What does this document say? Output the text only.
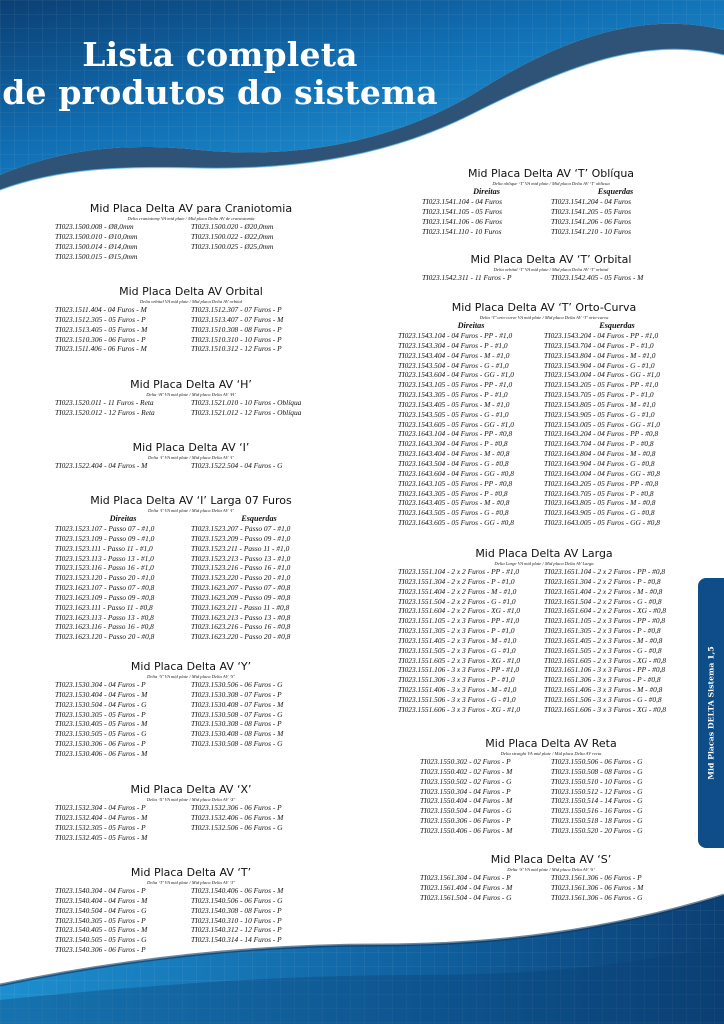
Lista completa
de produtos do sistema
Mid Placas DELTA Sistema 1,5
Mid Placa Delta AV para Craniotomia
Delta craniotomy VA mid plate / Mid placa Delta AV de craneotomía
TI023.1500.008 - Ø8,0mm
TI023.1500.010 - Ø10,0mm
TI023.1500.014 - Ø14,0mm
TI023.1500.015 - Ø15,0mm
TI023.1500.020 - Ø20,0mm
TI023.1500.022 - Ø22,0mm
TI023.1500.025 - Ø25,0mm
Mid Placa Delta AV Orbital
Delta orbital VA mid plate / Mid placa Delta AV orbital
TI023.1511.404 - 04 Furos - M
TI023.1512.305 - 05 Furos - P
TI023.1513.405 - 05 Furos - M
TI023.1510.306 - 06 Furos - P
TI023.1511.406 - 06 Furos - M
TI023.1512.307 - 07 Furos - P
TI023.1513.407 - 07 Furos - M
TI023.1510.308 - 08 Furos - P
TI023.1510.310 - 10 Furos - P
TI023.1510.312 - 12 Furos - P
Mid Placa Delta AV ‘H’
Delta ‘H’ VA mid plate / Mid placa Delta AV ‘H’
TI023.1520.011 - 11 Furos - Reta
TI023.1520.012 - 12 Furos - Reta
TI023.1521.010 - 10 Furos - Oblíqua
TI023.1521.012 - 12 Furos - Oblíqua
Mid Placa Delta AV ‘I’
Delta ‘I’ VA mid plate / Mid placa Delta AV ‘I’
TI023.1522.404 - 04 Furos - M	TI023.1522.504 - 04 Furos - G
Mid Placa Delta AV ‘I’ Larga 07 Furos
Delta ‘I’ VA mid plate / Mid placa Delta AV ‘I’
Direitas
TI023.1523.107 - Passo 07 - #1,0
TI023.1523.109 - Passo 09 - #1,0
TI023.1523.111 - Passo 11 - #1,0
TI023.1523.113 - Passo 13 - #1,0
TI023.1523.116 - Passo 16 - #1,0
TI023.1523.120 - Passo 20 - #1,0
TI023.1623.107 - Passo 07 - #0,8
TI023.1623.109 - Passo 09 - #0,8
TI023.1623.111 - Passo 11 - #0,8
TI023.1623.113 - Passo 13 - #0,8
TI023.1623.116 - Passo 16 - #0,8
TI023.1623.120 - Passo 20 - #0,8
Esquerdas
TI023.1523.207 - Passo 07 - #1,0
TI023.1523.209 - Passo 09 - #1,0
TI023.1523.211 - Passo 11 - #1,0
TI023.1523.213 - Passo 13 - #1,0
TI023.1523.216 - Passo 16 - #1,0
TI023.1523.220 - Passo 20 - #1,0
TI023.1623.207 - Passo 07 - #0,8
TI023.1623.209 - Passo 09 - #0,8
TI023.1623.211 - Passo 11 - #0,8
TI023.1623.213 - Passo 13 - #0,8
TI023.1623.216 - Passo 16 - #0,8
TI023.1623.220 - Passo 20 - #0,8
Mid Placa Delta AV ‘Y’
Delta ‘Y’ VA mid plate / Mid placa Delta AV ‘Y’
TI023.1530.304 - 04 Furos - P
TI023.1530.404 - 04 Furos - M
TI023.1530.504 - 04 Furos - G
TI023.1530.305 - 05 Furos - P
TI023.1530.405 - 05 Furos - M
TI023.1530.505 - 05 Furos - G
TI023.1530.306 - 06 Furos - P
TI023.1530.406 - 06 Furos - M
TI023.1530.506 - 06 Furos - G
TI023.1530.308 - 07 Furos - P
TI023.1530.408 - 07 Furos - M
TI023.1530.508 - 07 Furos - G
TI023.1530.308 - 08 Furos - P
TI023.1530.408 - 08 Furos - M
TI023.1530.508 - 08 Furos - G
Mid Placa Delta AV ‘X’
Delta ‘X’ VA mid plate / Mid placa Delta AV ‘X’
TI023.1532.304 - 04 Furos - P
TI023.1532.404 - 04 Furos - M
TI023.1532.305 - 05 Furos - P
TI023.1532.405 - 05 Furos - M
TI023.1532.306 - 06 Furos - P
TI023.1532.406 - 06 Furos - M
TI023.1532.506 - 06 Furos - G
Mid Placa Delta AV ‘T’
Delta ‘T’ VA mid plate / Mid placa Delta AV ‘T’
TI023.1540.304 - 04 Furos - P
TI023.1540.404 - 04 Furos - M
TI023.1540.504 - 04 Furos - G
TI023.1540.305 - 05 Furos - P
TI023.1540.405 - 05 Furos - M
TI023.1540.505 - 05 Furos - G
TI023.1540.306 - 06 Furos - P
TI023.1540.406 - 06 Furos - M
TI023.1540.506 - 06 Furos - G
TI023.1540.308 - 08 Furos - P
TI023.1540.310 - 10 Furos - P
TI023.1540.312 - 12 Furos - P
TI023.1540.314 - 14 Furos - P
Mid Placa Delta AV ‘T’ Oblíqua
Delta oblique ‘T’ VA mid plate / Mid placa Delta AV ‘T’ oblicua
Direitas
TI023.1541.104 - 04 Furos
TI023.1541.105 - 05 Furos
TI023.1541.106 - 06 Furos
TI023.1541.110 - 10 Furos
Esquerdas
TI023.1541.204 - 04 Furos
TI023.1541.205 - 05 Furos
TI023.1541.206 - 06 Furos
TI023.1541.210 - 10 Furos
Mid Placa Delta AV ‘T’ Orbital
Delta orbital ‘T’ VA mid plate / Mid placa Delta AV ‘T’ orbital
TI023.1542.311 - 11 Furos - P	TI023.1542.405 - 05 Furos - M
Mid Placa Delta AV ‘T’ Orto-Curva
Delta ‘T’ orto-curve VA mid plate / Mid placa Delta AV ‘T’ orto-curva
Direitas
TI023.1543.104 - 04 Furos - PP - #1,0
TI023.1543.304 - 04 Furos - P - #1,0
TI023.1543.404 - 04 Furos - M - #1,0
TI023.1543.504 - 04 Furos - G - #1,0
TI023.1543.604 - 04 Furos - GG - #1,0
TI023.1543.105 - 05 Furos - PP - #1,0
TI023.1543.305 - 05 Furos - P - #1,0
TI023.1543.405 - 05 Furos - M - #1,0
TI023.1543.505 - 05 Furos - G - #1,0
TI023.1543.605 - 05 Furos - GG - #1,0
TI023.1643.104 - 04 Furos - PP - #0,8
TI023.1643.304 - 04 Furos - P - #0,8
TI023.1643.404 - 04 Furos - M - #0,8
TI023.1643.504 - 04 Furos - G - #0,8
TI023.1643.604 - 04 Furos - GG - #0,8
TI023.1643.105 - 05 Furos - PP - #0,8
TI023.1643.305 - 05 Furos - P - #0,8
TI023.1643.405 - 05 Furos - M - #0,8
TI023.1643.505 - 05 Furos - G - #0,8
TI023.1643.605 - 05 Furos - GG - #0,8
Esquerdas
TI023.1543.204 - 04 Furos - PP - #1,0
TI023.1543.704 - 04 Furos - P - #1,0
TI023.1543.804 - 04 Furos - M - #1,0
TI023.1543.904 - 04 Furos - G - #1,0
TI023.1543.004 - 04 Furos - GG - #1,0
TI023.1543.205 - 05 Furos - PP - #1,0
TI023.1543.705 - 05 Furos - P - #1,0
TI023.1543.805 - 05 Furos - M - #1,0
TI023.1543.905 - 05 Furos - G - #1,0
TI023.1543.005 - 05 Furos - GG - #1,0
TI023.1643.204 - 04 Furos - PP - #0,8
TI023.1643.704 - 04 Furos - P - #0,8
TI023.1643.804 - 04 Furos - M - #0,8
TI023.1643.904 - 04 Furos - G - #0,8
TI023.1643.004 - 04 Furos - GG - #0,8
TI023.1643.205 - 05 Furos - PP - #0,8
TI023.1643.705 - 05 Furos - P - #0,8
TI023.1643.805 - 05 Furos - M - #0,8
TI023.1643.905 - 05 Furos - G - #0,8
TI023.1643.005 - 05 Furos - GG - #0,8
Mid Placa Delta AV Larga
Delta Large VA mid plate / Mid placa Delta AV Larga
TI023.1551.104 - 2 x 2 Furos - PP - #1,0
TI023.1551.304 - 2 x 2 Furos - P - #1,0
TI023.1551.404 - 2 x 2 Furos - M - #1,0
TI023.1551.504 - 2 x 2 Furos - G - #1,0
TI023.1551.604 - 2 x 2 Furos - XG - #1,0
TI023.1551.105 - 2 x 3 Furos - PP - #1,0
TI023.1551.305 - 2 x 3 Furos - P - #1,0
TI023.1551.405 - 2 x 3 Furos - M - #1,0
TI023.1551.505 - 2 x 3 Furos - G - #1,0
TI023.1551.605 - 2 x 3 Furos - XG - #1,0
TI023.1551.106 - 3 x 3 Furos - PP - #1,0
TI023.1551.306 - 3 x 3 Furos - P - #1,0
TI023.1551.406 - 3 x 3 Furos - M - #1,0
TI023.1551.506 - 3 x 3 Furos - G - #1,0
TI023.1551.606 - 3 x 3 Furos - XG - #1,0
TI023.1651.104 - 2 x 2 Furos - PP - #0,8
TI023.1651.304 - 2 x 2 Furos - P - #0,8
TI023.1651.404 - 2 x 2 Furos - M - #0,8
TI023.1651.504 - 2 x 2 Furos - G - #0,8
TI023.1651.604 - 2 x 2 Furos - XG - #0,8
TI023.1651.105 - 2 x 3 Furos - PP - #0,8
TI023.1651.305 - 2 x 3 Furos - P - #0,8
TI023.1651.405 - 2 x 3 Furos - M - #0,8
TI023.1651.505 - 2 x 3 Furos - G - #0,8
TI023.1651.605 - 2 x 3 Furos - XG - #0,8
TI023.1651.106 - 3 x 3 Furos - PP - #0,8
TI023.1651.306 - 3 x 3 Furos - P - #0,8
TI023.1651.406 - 3 x 3 Furos - M - #0,8
TI023.1651.506 - 3 x 3 Furos - G - #0,8
TI023.1651.606 - 3 x 3 Furos - XG - #0,8
Mid Placa Delta AV Reta
Delta straight VA mid plate / Mid placa Delta AV recta
TI023.1550.302 - 02 Furos - P
TI023.1550.402 - 02 Furos - M
TI023.1550.502 - 02 Furos - G
TI023.1550.304 - 04 Furos - P
TI023.1550.404 - 04 Furos - M
TI023.1550.504 - 04 Furos - G
TI023.1550.306 - 06 Furos - P
TI023.1550.406 - 06 Furos - M
TI023.1550.506 - 06 Furos - G
TI023.1550.508 - 08 Furos - G
TI023.1550.510 - 10 Furos - G
TI023.1550.512 - 12 Furos - G
TI023.1550.514 - 14 Furos - G
TI023.1550.516 - 16 Furos - G
TI023.1550.518 - 18 Furos - G
TI023.1550.520 - 20 Furos - G
Mid Placa Delta AV ‘S’
Delta ‘S’ VA mid plate / Mid placa Delta AV ‘S’
TI023.1561.304 - 04 Furos - P
TI023.1561.404 - 04 Furos - M
TI023.1561.504 - 04 Furos - G
TI023.1561.306 - 06 Furos - P
TI023.1561.306 - 06 Furos - M
TI023.1561.306 - 06 Furos - G
